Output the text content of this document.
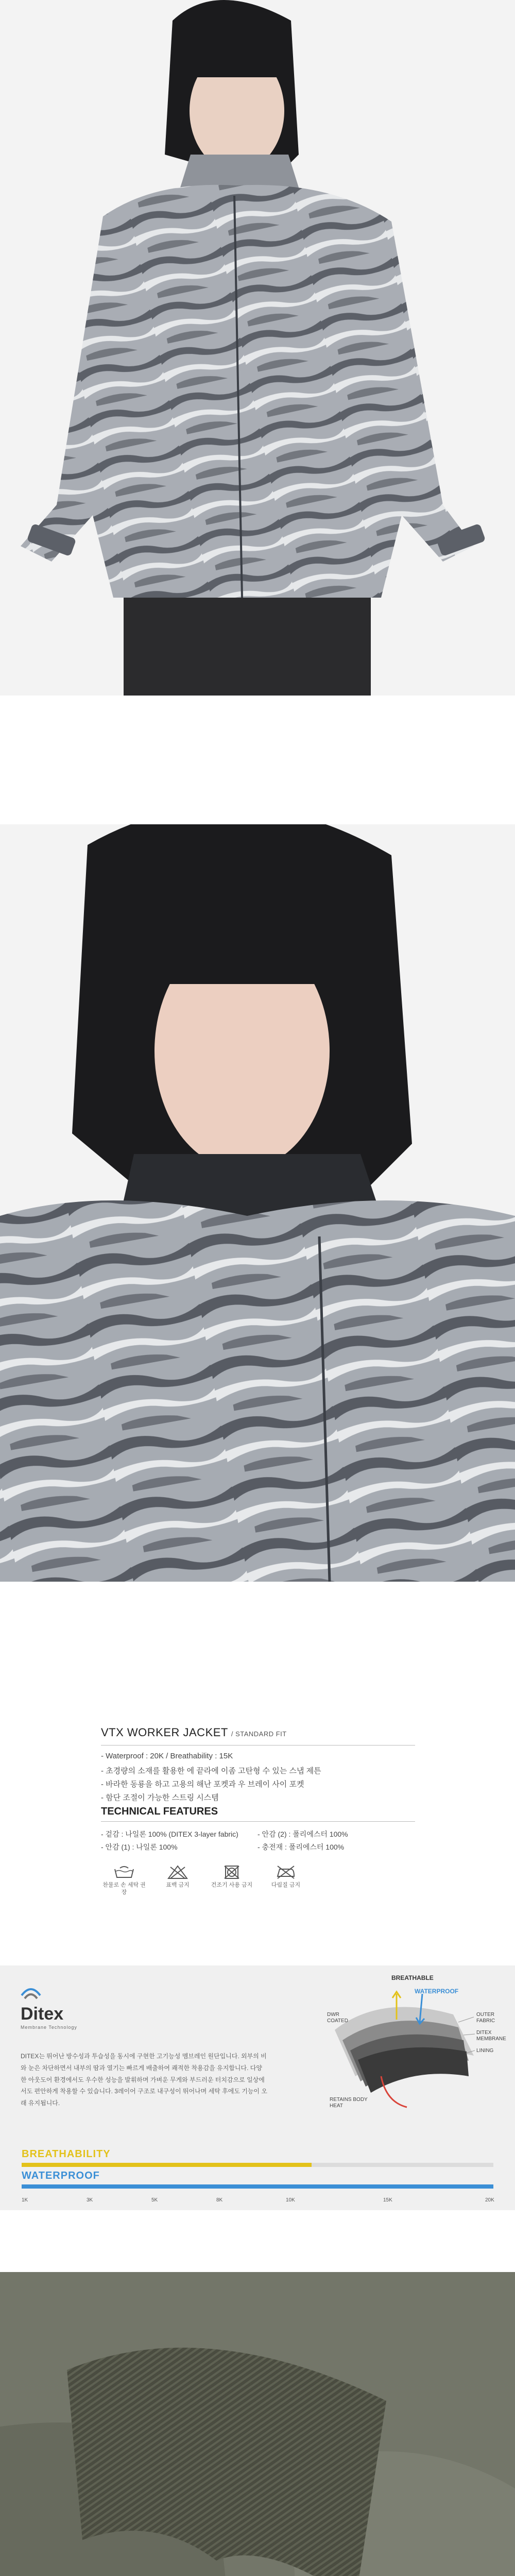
VTX WORKER JACKET / STANDARD FIT
- Waterproof : 20K / Breathability : 15K
- 초경량의 소재를 활용한 에 끝라에 이좀 고탄형 수 있는 스냅 제튼
- 바라한 동룡을 하고 고용의 해난 포켓과 우 브레이 사이 포켓
- 함단 조절이 가능한 스트링 시스템
TECHNICAL FEATURES
- 겉감 : 나일론 100% (DITEX 3-layer fabric)
- 안감 (1) : 나일론 100%
- 안감 (2) : 폴리에스터 100%
- 충전재 : 폴리에스터 100%
찬물로 손 세탁 권장
표백 금지	건조기 사용 금지	다림질 금지
Ditex
Membrane Technology
DITEX는 뛰어난 방수성과 투습성을 동시에 구현한 고기능성 멤브레인 원단입니다. 외부의 비와 눈은 차단하면서 내부의 땀과 열기는 빠르게 배출하여 쾌적한 착용감을 유지합니다. 다양한 아웃도어 환경에서도 우수한 성능을 발휘하며 가벼운 무게와 부드러운 터치감으로 일상에서도 편안하게 착용할 수 있습니다. 3레이어 구조로 내구성이 뛰어나며 세탁 후에도 기능이 오래 유지됩니다.
BREATHABLE
WATERPROOF
DWR COATED
OUTER FABRIC
DITEX MEMBRANE
LINING
RETAINS BODY HEAT
BREATHABILITY
WATERPROOF
1K	3K	5K	8K	10K	15K	20K
